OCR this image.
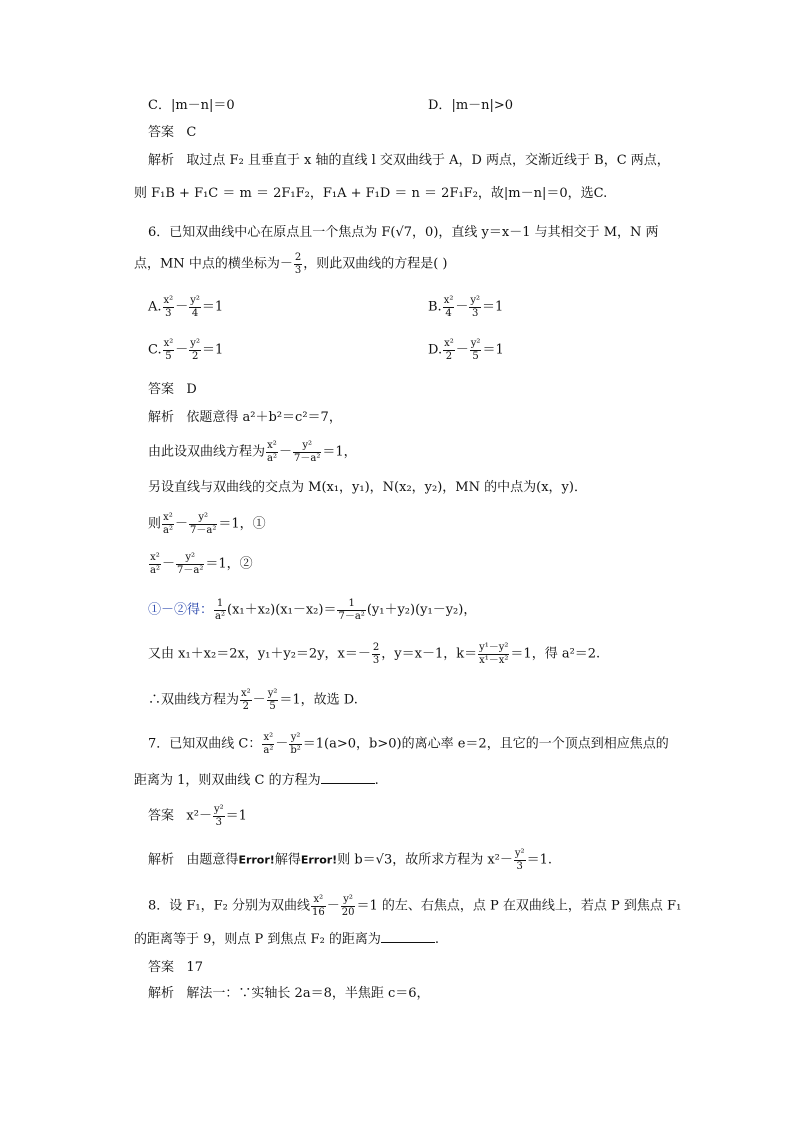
C．|m－n|＝0	D．|m－n|>0
答案 C
解析 取过点 F₂ 且垂直于 x 轴的直线 l 交双曲线于 A，D 两点，交渐近线于 B，C 两点，
则 F₁B + F₁C ＝ m ＝ 2F₁F₂，F₁A + F₁D ＝ n ＝ 2F₁F₂，故|m－n|＝0，选C.
6．已知双曲线中心在原点且一个焦点为 F(√7，0)，直线 y＝x－1 与其相交于 M，N 两
点，MN 中点的横坐标为－ $\frac{2}{3}$ ，则此双曲线的方程是( )
A. $\frac{\text{x²}}{3} - \frac{\text{y²}}{4} =1$	B. $\frac{\text{x²}}{4} - \frac{\text{y²}}{3} =1$
C. $\frac{\text{x²}}{5} - \frac{\text{y²}}{2} =1$	D. $\frac{\text{x²}}{2} - \frac{\text{y²}}{5} =1$
答案 D
解析 依题意得 a²＋b²＝c²＝7，
由此设双曲线方程为 $\frac{\text{x²}}{\text{a²}} - \frac{\text{y²}}{\text{7－a²}} =1$，
另设直线与双曲线的交点为 M(x₁，y₁)，N(x₂，y₂)，MN 的中点为(x，y)．
则 $\frac{\text{x²}}{\text{a²}} - \frac{\text{y²}}{\text{7－a²}} =1$，①
$\frac{\text{x²}}{\text{a²}} - \frac{\text{y²}}{\text{7－a²}} =1$，②
①－②得： $\frac{1}{\text{a²}} (x_1+x_2)(x_1-x_2)= \frac{1}{\text{7－a²}} (y_1+y_2)(y_1-y_2)$，
又由 x₁＋x₂＝2x，y₁＋y₂＝2y，$x=- \frac{2}{3}$ ，y＝x－1，$k= \frac{\text{y¹－y²}}{\text{x¹－x²}} =1$，得 a²＝2.
∴双曲线方程为 $\frac{\text{x²}}{2} - \frac{\text{y²}}{5} =1$，故选 D.
7．已知双曲线 C： $\frac{\text{x²}}{\text{a²}} - \frac{\text{y²}}{\text{b²}} =1(a>0$，b>0)的离心率 e＝2，且它的一个顶点到相应焦点的
距离为 1，则双曲线 C 的方程为	.
答案 $x^2- \frac{\text{y²}}{3} =1$
解析 由题意得Error!解得Error!则 b＝√3，故所求方程为 $x^2- \frac{\text{y²}}{3} =1$.
8．设 F₁，F₂ 分别为双曲线 $\frac{\text{x²}}{16} - \frac{\text{y²}}{20} =1$ 的左、右焦点，点 P 在双曲线上，若点 P 到焦点 F₁
的距离等于 9，则点 P 到焦点 F₂ 的距离为	.
答案 17
解析 解法一：∵实轴长 2a＝8，半焦距 c＝6，
